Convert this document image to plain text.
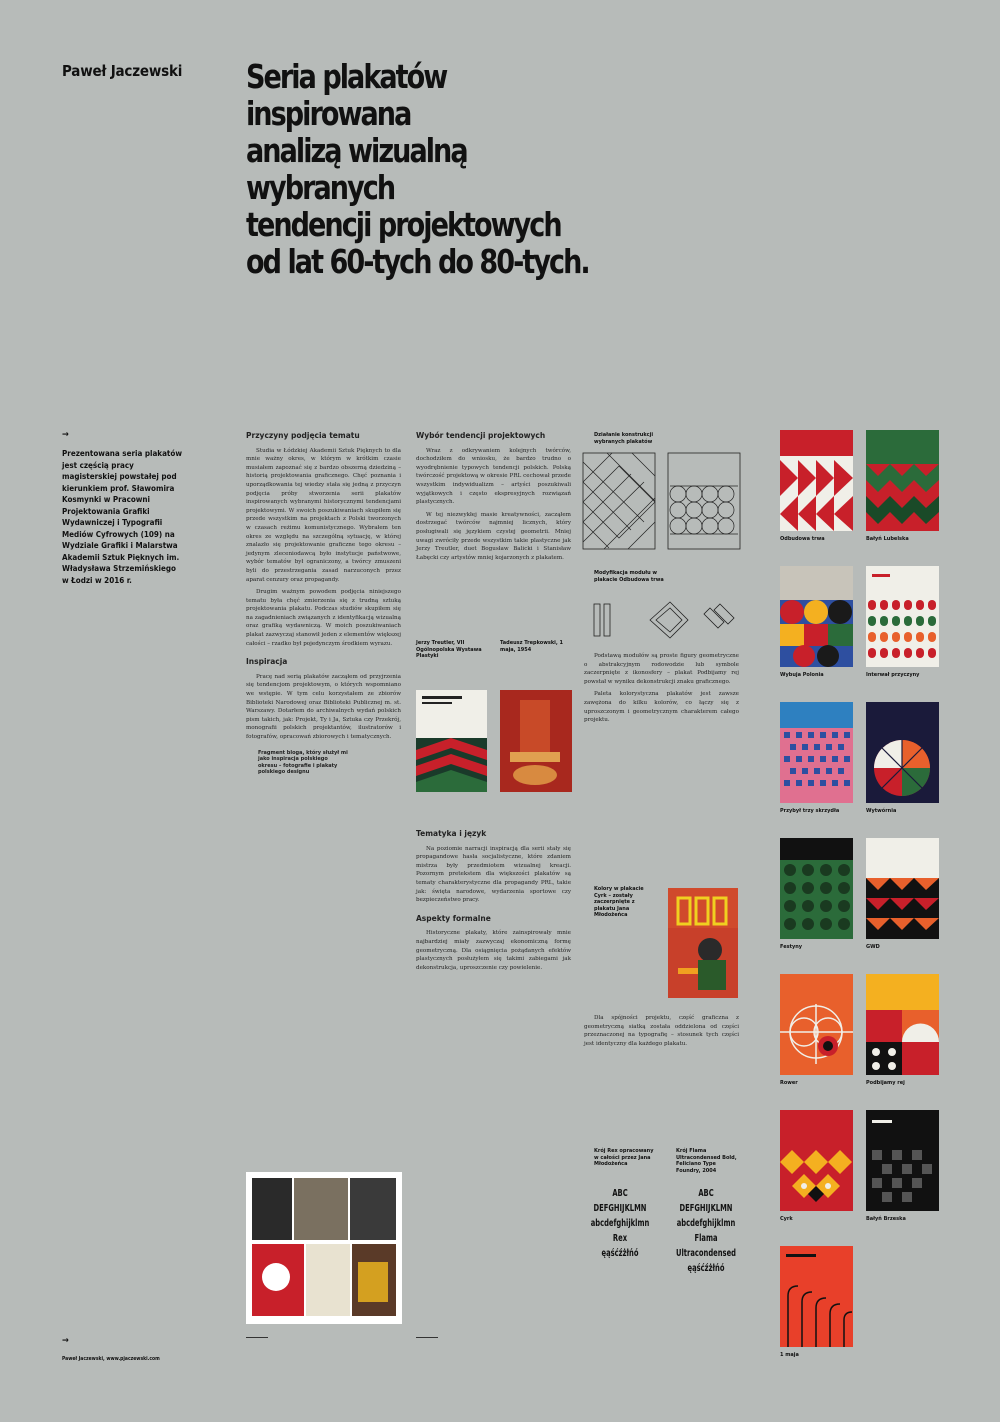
Paweł Jaczewski Seria plakatów inspirowana
analizą wizualną wybranych
tendencji projektowych
od lat 60-tych do 80-tych.
→
Prezentowana seria plakatów jest częścią pracy magisterskiej powstałej pod kierunkiem prof. Sławomira Kosmynki w Pracowni Projektowania Grafiki Wydawniczej i Typografii Mediów Cyfrowych (109) na Wydziale Grafiki i Malarstwa Akademii Sztuk Pięknych im. Władysława Strzemińskiego w Łodzi w 2016 r.
Przyczyny podjęcia tematu

Studia w Łódzkiej Akademii Sztuk Pięknych to dla mnie ważny okres, w którym w krótkim czasie musiałem zapoznać się z bardzo obszerną dziedziną – historią projektowania graficznego. Chęć poznania i uporządkowania tej wiedzy stała się jedną z przyczyn podjęcia próby stworzenia serii plakatów inspirowanych wybranymi historycznymi tendencjami projektowymi. W swoich poszukiwaniach skupiłem się przede wszystkim na projektach z Polski tworzonych w czasach reżimu komunistycznego. Wybrałem ten okres ze względu na szczególną sytuację, w której znalazło się projektowanie graficzne tego okresu – jedynym zleceniodawcą było instytucje państwowe, wybór tematów był ograniczony, a twórcy zmuszeni byli do przestrzegania zasad narzuconych przez aparat cenzury oraz propagandy.

Drugim ważnym powodem podjęcia niniejszego tematu była chęć zmierzenia się z trudną sztuką projektowania plakatu. Podczas studiów skupiłem się na zagadnieniach związanych z identyfikacją wizualną oraz grafiką wydawniczą. W moich poszukiwaniach plakat zazwyczaj stanowił jeden z elementów większej całości – rzadko był pojedynczym środkiem wyrazu.

Inspiracja

Pracę nad serią plakatów zacząłem od przyjrzenia się tendencjom projektowym, o których wspomniano we wstępie. W tym celu korzystałem ze zbiorów Biblioteki Narodowej oraz Biblioteki Publicznej m. st. Warszawy. Dotarłem do archiwalnych wydań polskich pism takich, jak: Projekt, Ty i Ja, Sztuka czy Przekrój, monografii polskich projektantów, ilustratorów i fotografów, opracowań zbiorowych i tematycznych.

Fragment bloga, który służył mi jako inspiracja polskiego okresu – fotografie i plakaty polskiego designu
Wybór tendencji projektowych

Wraz z odkrywaniem kolejnych twórców, dochodziłem do wniosku, że bardzo trudno o wyodrębnienie typowych tendencji polskich. Polską twórczość projektową w okresie PRL cechował przede wszystkim indywidualizm – artyści poszukiwali wyjątkowych i często ekspresyjnych rozwiązań plastycznych.

W tej niezwykłej masie kreatywności, zacząłem dostrzegać twórców najmniej licznych, który posługiwali się językiem czystej geometrii. Mniej uwagi zwróciły przede wszystkim takie plastyczne jak Jerzy Treutler, duet Bogusław Balicki i Stanisław Łabęcki czy artystów mniej kojarzonych z plakatem.

Jerzy Treutler, VII Ogólnopolska Wystawa Plastyki
Tadeusz Trepkowski, 1 maja, 1954
Tematyka i język

Na poziomie narracji inspiracją dla serii stały się propagandowe hasła socjalistyczne, które zdaniem mistrza były przedmiotem wizualnej kreacji. Pozornym pretekstem dla większości plakatów są tematy charakterystyczne dla propagandy PRL, takie jak: święta narodowe, wydarzenia sportowe czy bezpieczeństwo pracy.

Aspekty formalne

Historyczne plakaty, które zainspirowały mnie najbardziej miały zazwyczaj ekonomiczną formę geometryczną. Dla osiągnięcia pożądanych efektów plastycznych posłużyłem się takimi zabiegami jak dekonstrukcja, uproszczenie czy powielenie.

Działanie konstrukcji wybranych plakatów
Modyfikacja modułu w plakacie Odbudowa trwa

Podstawą modułów są proste figury geometryczne o abstrakcyjnym rodowodzie lub symbole zaczerpnięte z ikonosfery – plakat Podbijamy rej powstał w wyniku dekonstrukcji znaku graficznego.

Paleta kolorystyczna plakatów jest zawsze zawężona do kilku kolorów, co łączy się z uproszczonym i geometrycznym charakterem całego projektu.

Kolory w plakacie Cyrk – zostały zaczerpnięte z plakatu Jana Młodożeńca

Dla spójności projektu, część graficzna z geometryczną siatką została oddzielona od części przeznaczonej na typografię – stosunek tych części jest identyczny dla każdego plakatu.

Krój Rex opracowany w całości przez Jana Młodożeńca
Krój Flama Ultracondensed Bold, Feliciano Type Foundry, 2004
ABC
DEFGHIJKLMN
abcdefghijklmn
Rex
ęąśćźżłńó
ABC
DEFGHIJKLMN
abcdefghijklmn
Flama Ultracondensed
ęąśćźżłńó
Odbudowa trwa	Bałyń Lubelska
Wybuja Polonia	Interwał przyczyny
Przybył trzy skrzydła	Wytwórnia
Festyny	GWD
Rower	Podbijamy rej
Cyrk	Bałyń Brzeska
1 maja
→
Paweł Jaczewski, www.pjaczewski.com
